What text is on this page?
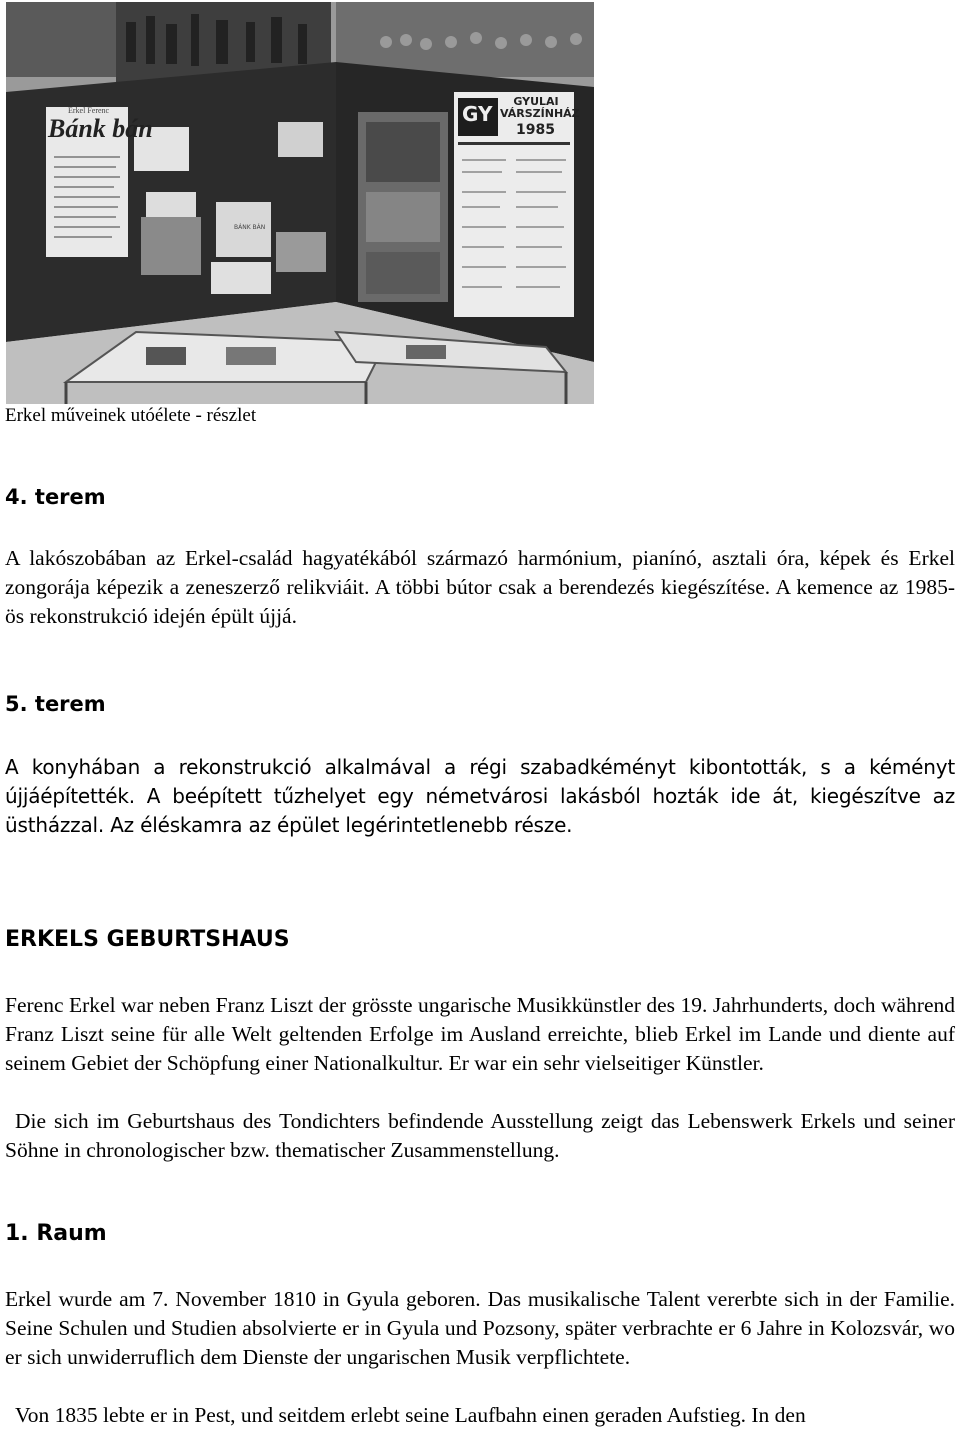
Erkel Ferenc
Bánk bán
BÁNK BÁN
GY
GYULAI VÁRSZÍNHÁZ
1985
Erkel műveinek utóélete - részlet
4. terem

A lakószobában az Erkel-család hagyatékából származó harmónium, pianínó, asztali óra, képek és Erkel zongorája képezik a zeneszerző relikviáit. A többi bútor csak a berendezés kiegészítése. A kemence az 1985-ös rekonstrukció idején épült újjá.

5. terem

A konyhában a rekonstrukció alkalmával a régi szabadkéményt kibontották, s a kéményt újjáépítették. A beépített tűzhelyet egy németvárosi lakásból hozták ide át, kiegészítve az üstházzal. Az éléskamra az épület legérintetlenebb része.

ERKELS GEBURTSHAUS

Ferenc Erkel war neben Franz Liszt der grösste ungarische Musikkünstler des 19. Jahrhunderts, doch während Franz Liszt seine für alle Welt geltenden Erfolge im Ausland erreichte, blieb Erkel im Lande und diente auf seinem Gebiet der Schöpfung einer Nationalkultur. Er war ein sehr vielseitiger Künstler.

Die sich im Geburtshaus des Tondichters befindende Ausstellung zeigt das Lebenswerk Erkels und seiner Söhne in chronologischer bzw. thematischer Zusammenstellung.

1. Raum

Erkel wurde am 7. November 1810 in Gyula geboren. Das musikalische Talent vererbte sich in der Familie. Seine Schulen und Studien absolvierte er in Gyula und Pozsony, später verbrachte er 6 Jahre in Kolozsvár, wo er sich unwiderruflich dem Dienste der ungarischen Musik verpflichtete.

Von 1835 lebte er in Pest, und seitdem erlebt seine Laufbahn einen geraden Aufstieg. In den
